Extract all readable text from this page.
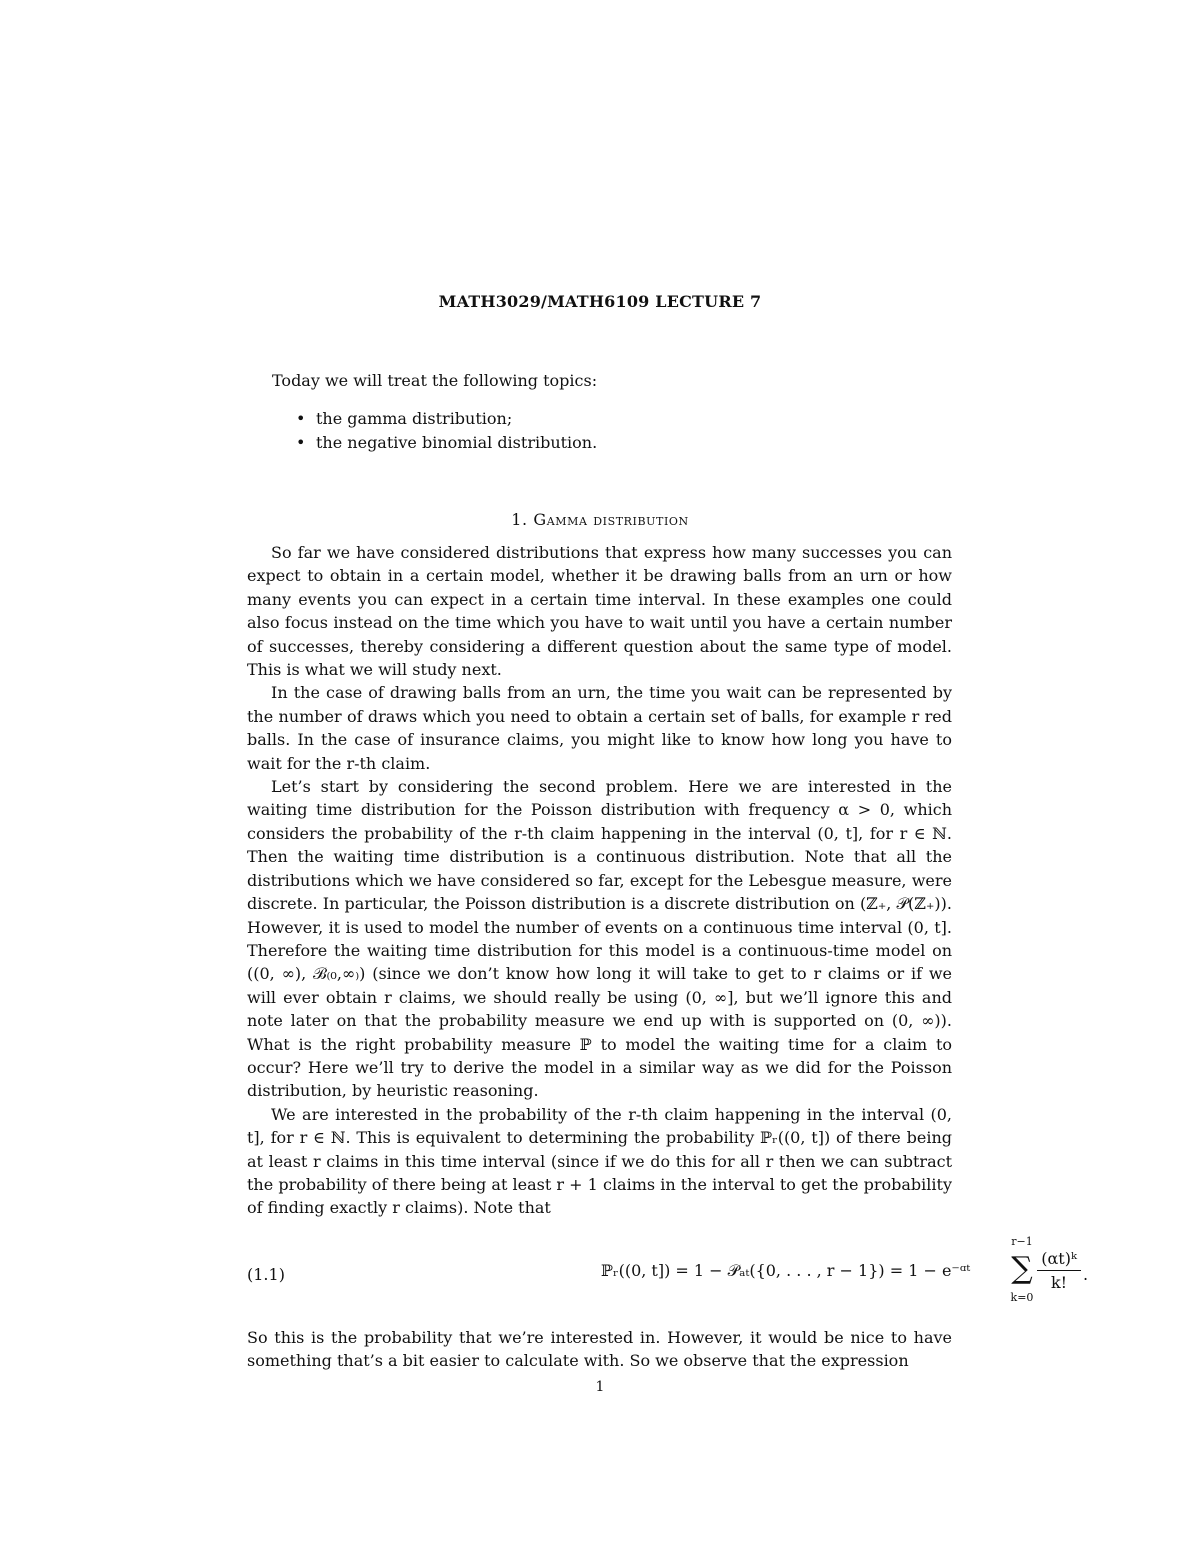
MATH3029/MATH6109 LECTURE 7
Today we will treat the following topics:
• the gamma distribution;
• the negative binomial distribution.
1. Gamma distribution

So far we have considered distributions that express how many successes you can expect to obtain in a certain model, whether it be drawing balls from an urn or how many events you can expect in a certain time interval. In these examples one could also focus instead on the time which you have to wait until you have a certain number of successes, thereby considering a different question about the same type of model. This is what we will study next.

In the case of drawing balls from an urn, the time you wait can be represented by the number of draws which you need to obtain a certain set of balls, for example r red balls. In the case of insurance claims, you might like to know how long you have to wait for the r-th claim.

Let’s start by considering the second problem. Here we are interested in the waiting time distribution for the Poisson distribution with frequency α > 0, which considers the probability of the r-th claim happening in the interval (0, t], for r ∈ ℕ. Then the waiting time distribution is a continuous distribution. Note that all the distributions which we have considered so far, except for the Lebesgue measure, were discrete. In particular, the Poisson distribution is a discrete distribution on (ℤ₊, 𝒫(ℤ₊)). However, it is used to model the number of events on a continuous time interval (0, t]. Therefore the waiting time distribution for this model is a continuous-time model on ((0, ∞), ℬ₍₀,∞₎) (since we don’t know how long it will take to get to r claims or if we will ever obtain r claims, we should really be using (0, ∞], but we’ll ignore this and note later on that the probability measure we end up with is supported on (0, ∞)). What is the right probability measure ℙ to model the waiting time for a claim to occur? Here we’ll try to derive the model in a similar way as we did for the Poisson distribution, by heuristic reasoning.

We are interested in the probability of the r-th claim happening in the interval (0, t], for r ∈ ℕ. This is equivalent to determining the probability ℙᵣ((0, t]) of there being at least r claims in this time interval (since if we do this for all r then we can subtract the probability of there being at least r + 1 claims in the interval to get the probability of finding exactly r claims). Note that

(1.1)	ℙᵣ((0, t]) = 1 − 𝒫ₐₜ({0, . . . , r − 1}) = 1 − e⁻ᵅᵗ
r−1
∑
k=0
$\frac{\text{(αt)ᵏ}}{k!}$ .

So this is the probability that we’re interested in. However, it would be nice to have something that’s a bit easier to calculate with. So we observe that the expression

1
